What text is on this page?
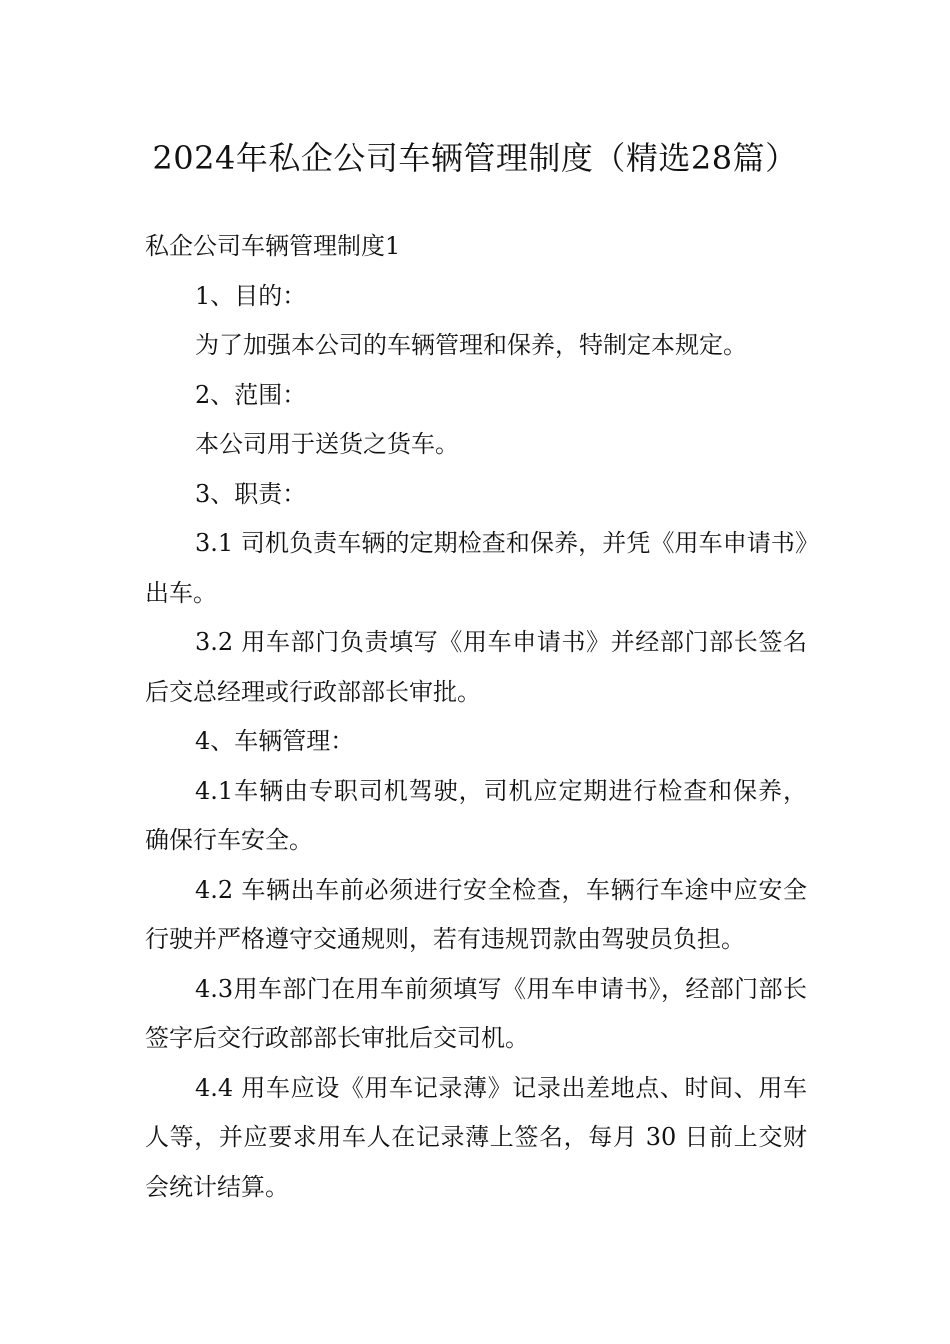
2024年私企公司车辆管理制度（精选28篇）

私企公司车辆管理制度1

1、目的：

为了加强本公司的车辆管理和保养，特制定本规定。

2、范围：

本公司用于送货之货车。

3、职责：

3.1 司机负责车辆的定期检查和保养，并凭《用车申请书》出车。

3.2 用车部门负责填写《用车申请书》并经部门部长签名后交总经理或行政部部长审批。

4、车辆管理：

4.1车辆由专职司机驾驶，司机应定期进行检查和保养，确保行车安全。

4.2 车辆出车前必须进行安全检查，车辆行车途中应安全行驶并严格遵守交通规则，若有违规罚款由驾驶员负担。

4.3用车部门在用车前须填写《用车申请书》，经部门部长签字后交行政部部长审批后交司机。

4.4 用车应设《用车记录薄》记录出差地点、时间、用车人等，并应要求用车人在记录薄上签名，每月 30 日前上交财会统计结算。
